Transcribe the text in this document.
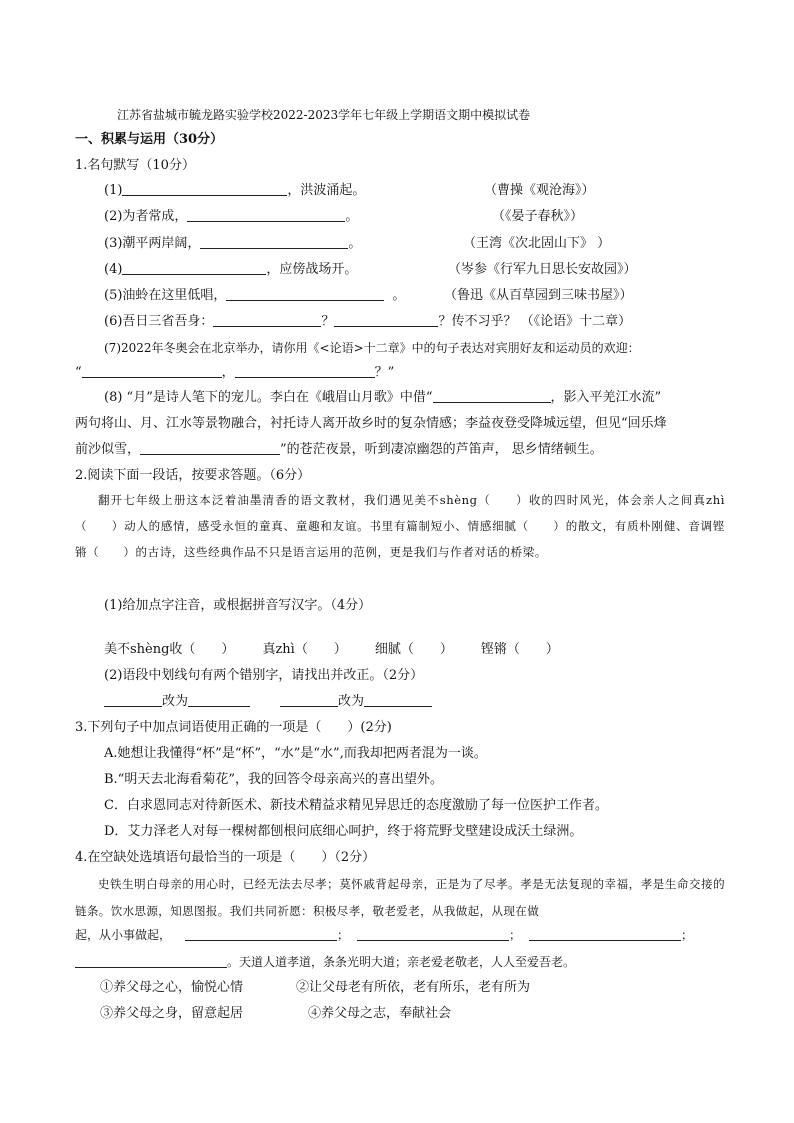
江苏省盐城市毓龙路实验学校2022-2023学年七年级上学期语文期中模拟试卷
一、积累与运用（30分）
1.名句默写（10分）
(1)	，洪波涌起。	（曹操《观沧海》）
(2)为者常成，	。	（《晏子春秋》）
(3)潮平两岸阔，	。	（王湾《次北固山下》 ）
(4)	，应傍战场开。	（岑参《行军九日思长安故园》）
(5)油蛉在这里低唱，	。	（鲁迅《从百草园到三味书屋》）
(6)吾日三省吾身：	？	？传不习乎？ （《论语》十二章）
(7)2022年冬奥会在北京举办，请你用《<论语>十二章》中的句子表达对宾朋好友和运动员的欢迎：
“	，	？”
(8) “月”是诗人笔下的宠儿。李白在《峨眉山月歌》中借“	，影入平羌江水流”
两句将山、月、江水等景物融合，衬托诗人离开故乡时的复杂情感；李益夜登受降城远望，但见“回乐烽
前沙似雪，	”的苍茫夜景，听到凄凉幽怨的芦笛声， 思乡情绪顿生。
2.阅读下面一段话，按要求答题。（6分）
翻开七年级上册这本泛着油墨清香的语文教材，我们遇见美不shèng（　　）收的四时风光，体会亲人之间真zhì（　　）动人的感情，感受永恒的童真、童趣和友谊。书里有篇制短小、情感细腻（　　）的散文，有质朴刚健、音调铿锵（　　）的古诗，这些经典作品不只是语言运用的范例，更是我们与作者对话的桥梁。
(1)给加点字注音，或根据拼音写汉字。（4分）
美不shèng收（　　） 真zhì（　　） 细腻（　　） 铿锵（　　）
(2)语段中划线句有两个错别字，请找出并改正。（2分）
改为	改为
3.下列句子中加点词语使用正确的一项是（　　）(2分)
A.她想让我懂得“杯”是“杯”，“水”是“水”,而我却把两者混为一谈。
B.“明天去北海看菊花”，我的回答令母亲高兴的喜出望外。
C．白求恩同志对待新医术、新技术精益求精见异思迁的态度激励了每一位医护工作者。
D．艾力泽老人对每一棵树都刨根问底细心呵护，终于将荒野戈壁建设成沃土绿洲。
4.在空缺处选填语句最恰当的一项是（　　）（2分）
史铁生明白母亲的用心时，已经无法去尽孝；莫怀戚背起母亲，正是为了尽孝。孝是无法复现的幸福，孝是生命交接的链条。饮水思源，知恩图报。我们共同祈愿：积极尽孝，敬老爱老，从我做起，从现在做
起，从小事做起，	；	；	；
。天道人道孝道，条条光明大道；亲老爱老敬老，人人至爱吾老。
①养父母之心，愉悦心情	②让父母老有所依，老有所乐，老有所为
③养父母之身，留意起居	④养父母之志，奉献社会
